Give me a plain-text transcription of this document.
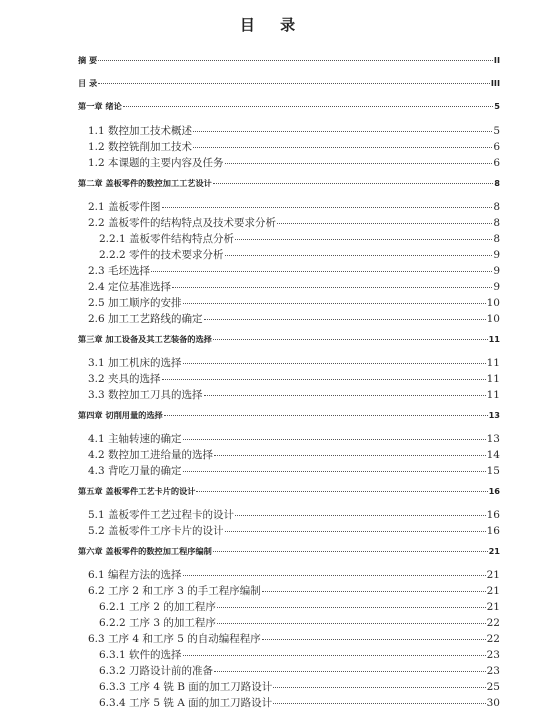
目 录
摘 要	II
目 录	III
第一章 绪论	5
1.1 数控加工技术概述	5
1.2 数控铣削加工技术	6
1.2 本课题的主要内容及任务	6
第二章 盖板零件的数控加工工艺设计	8
2.1 盖板零件图	8
2.2 盖板零件的结构特点及技术要求分析	8
2.2.1 盖板零件结构特点分析	8
2.2.2 零件的技术要求分析	9
2.3 毛坯选择	9
2.4 定位基准选择	9
2.5 加工顺序的安排	10
2.6 加工工艺路线的确定	10
第三章 加工设备及其工艺装备的选择	11
3.1 加工机床的选择	11
3.2 夹具的选择	11
3.3 数控加工刀具的选择	11
第四章 切削用量的选择	13
4.1 主轴转速的确定	13
4.2 数控加工进给量的选择	14
4.3 背吃刀量的确定	15
第五章 盖板零件工艺卡片的设计	16
5.1 盖板零件工艺过程卡的设计	16
5.2 盖板零件工序卡片的设计	16
第六章 盖板零件的数控加工程序编制	21
6.1 编程方法的选择	21
6.2 工序 2 和工序 3 的手工程序编制	21
6.2.1 工序 2 的加工程序	21
6.2.2 工序 3 的加工程序	22
6.3 工序 4 和工序 5 的自动编程程序	22
6.3.1 软件的选择	23
6.3.2 刀路设计前的准备	23
6.3.3 工序 4 铣 B 面的加工刀路设计	25
6.3.4 工序 5 铣 A 面的加工刀路设计	30
